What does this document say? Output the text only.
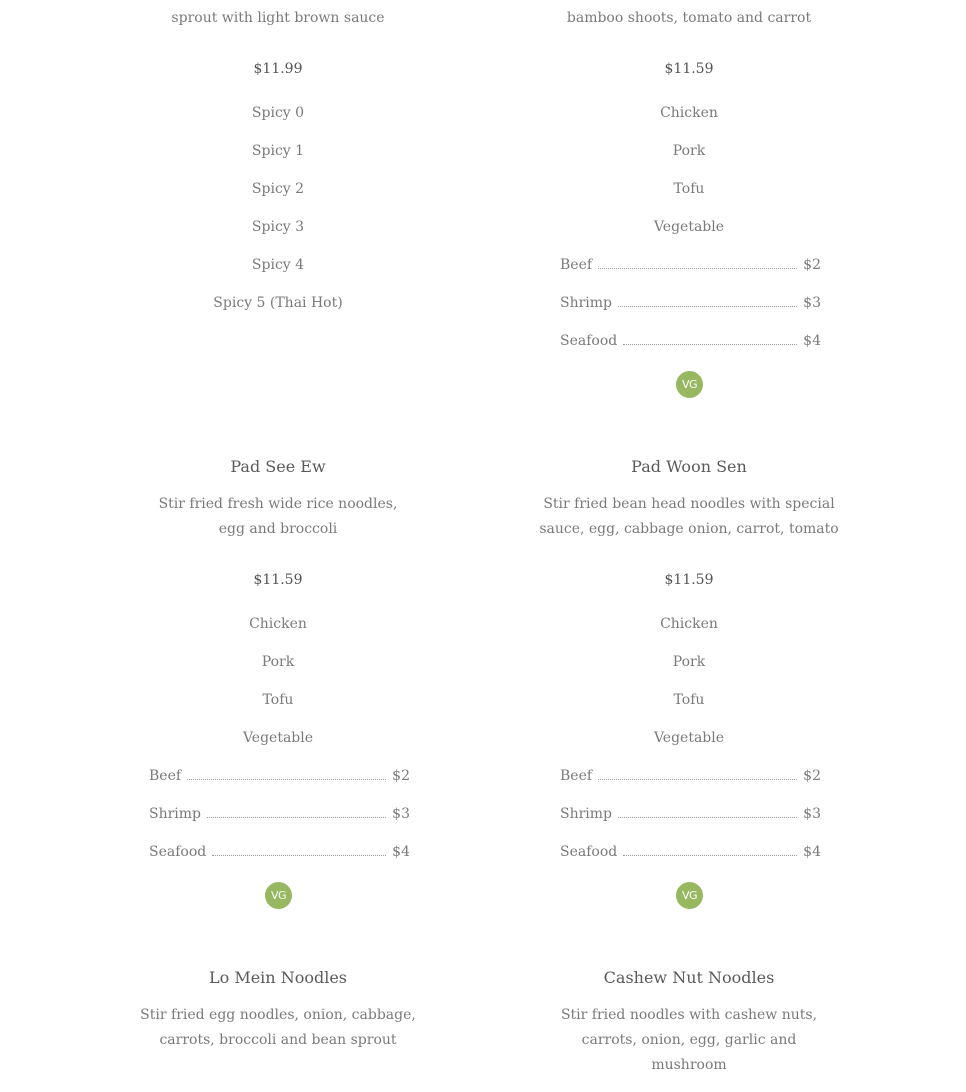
sprout with light brown sauce
$11.99
Spicy 0
Spicy 1
Spicy 2
Spicy 3
Spicy 4
Spicy 5 (Thai Hot)
Pad See Ew
Stir fried fresh wide rice noodles, egg and broccoli
$11.59
Chicken
Pork
Tofu
Vegetable
Beef	$2
Shrimp	$3
Seafood	$4
VG
Lo Mein Noodles
Stir fried egg noodles, onion, cabbage, carrots, broccoli and bean sprout
bamboo shoots, tomato and carrot
$11.59
Chicken
Pork
Tofu
Vegetable
Beef	$2
Shrimp	$3
Seafood	$4
VG
Pad Woon Sen
Stir fried bean head noodles with special sauce, egg, cabbage onion, carrot, tomato
$11.59
Chicken
Pork
Tofu
Vegetable
Beef	$2
Shrimp	$3
Seafood	$4
VG
Cashew Nut Noodles
Stir fried noodles with cashew nuts, carrots, onion, egg, garlic and mushroom
